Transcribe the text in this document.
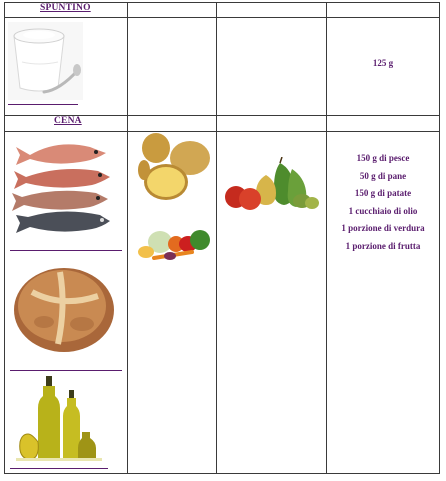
SPUNTINO
CENA
125 g
150 g di pesce
50 g di pane
150 g di patate
1 cucchiaio di olio
1 porzione di verdura
1 porzione di frutta
